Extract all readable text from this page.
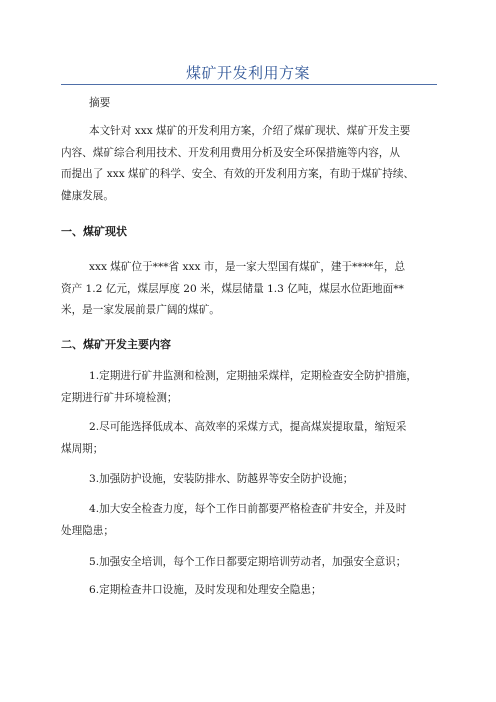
煤矿开发利用方案
摘要
本文针对 xxx 煤矿的开发利用方案，介绍了煤矿现状、煤矿开发主要
内容、煤矿综合利用技术、开发利用费用分析及安全环保措施等内容，从
而提出了 xxx 煤矿的科学、安全、有效的开发利用方案，有助于煤矿持续、
健康发展。
一、煤矿现状
xxx 煤矿位于***省 xxx 市，是一家大型国有煤矿，建于****年，总
资产 1.2 亿元，煤层厚度 20 米，煤层储量 1.3 亿吨，煤层水位距地面**
米，是一家发展前景广阔的煤矿。
二、煤矿开发主要内容
1.定期进行矿井监测和检测，定期抽采煤样，定期检查安全防护措施，
定期进行矿井环境检测；
2.尽可能选择低成本、高效率的采煤方式，提高煤炭提取量，缩短采
煤周期；
3.加强防护设施，安装防排水、防越界等安全防护设施；
4.加大安全检查力度，每个工作日前都要严格检查矿井安全，并及时
处理隐患；
5.加强安全培训，每个工作日都要定期培训劳动者，加强安全意识；
6.定期检查井口设施，及时发现和处理安全隐患；
